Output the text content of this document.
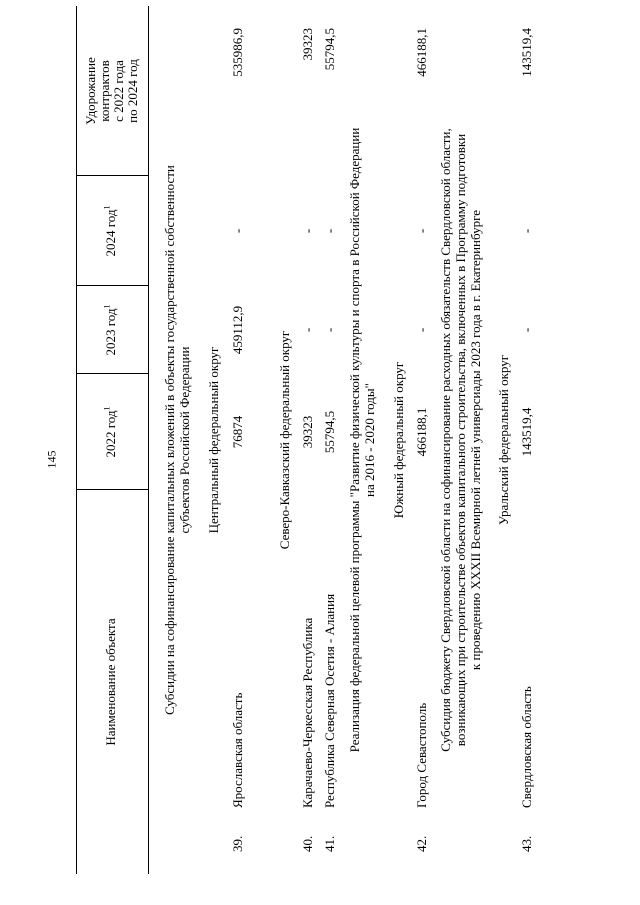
145
Наименование объекта
2022 год$^1$
2023 год$^1$
2024 год$^1$
Удорожание контрактов с 2022 года по 2024 год
Субсидии на софинансирование капитальных вложений в объекты государственной собственности субъектов Российской Федерации Центральный федеральный округ
39.
Ярославская область
76874
459112,9
-
535986,9
Северо-Кавказский федеральный округ
40.
Карачаево-Черкесская Республика
39323
-
-
39323
41.
Республика Северная Осетия - Алания
55794,5
-
-
55794,5
Реализация федеральной целевой программы "Развитие физической культуры и спорта в Российской Федерации на 2016 - 2020 годы" Южный федеральный округ
42.
Город Севастополь
466188,1
-
-
466188,1
Субсидия бюджету Свердловской области на софинансирование расходных обязательств Свердловской области, возникающих при строительстве объектов капитального строительства, включенных в Программу подготовки к проведению XXXII Всемирной летней универсиады 2023 года в г. Екатеринбурге Уральский федеральный округ
43.
Свердловская область
143519,4
-
-
143519,4
